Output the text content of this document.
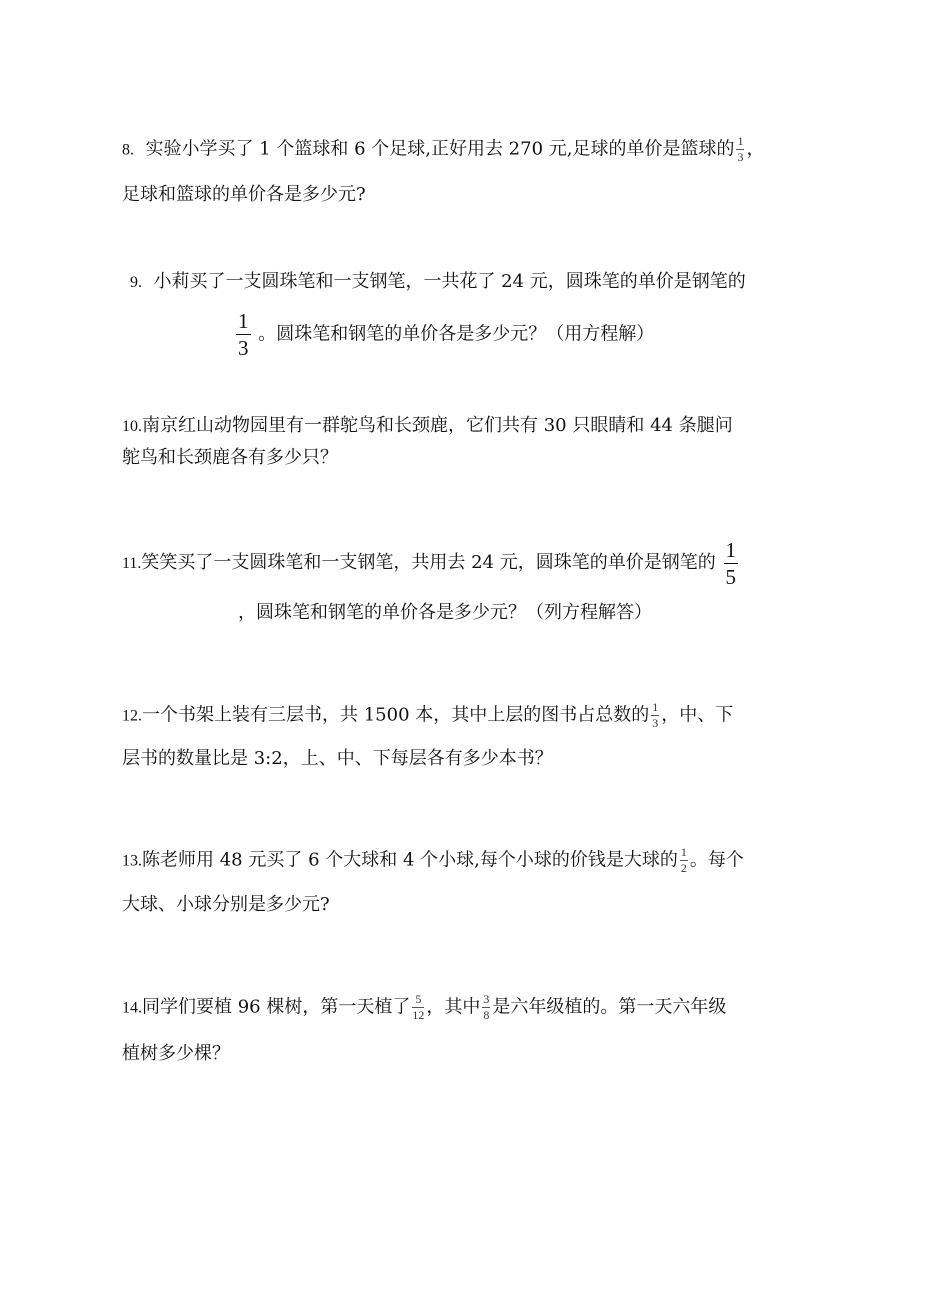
8. 实验小学买了 1 个篮球和 6 个足球,正好用去 270 元,足球的单价是篮球的 $\frac{1}{3}$ ，
足球和篮球的单价各是多少元?
9. 小莉买了一支圆珠笔和一支钢笔，一共花了 24 元，圆珠笔的单价是钢笔的
$\frac{1}{3}$ 。圆珠笔和钢笔的单价各是多少元？（用方程解）
10.南京红山动物园里有一群鸵鸟和长颈鹿，它们共有 30 只眼睛和 44 条腿问
鸵鸟和长颈鹿各有多少只？
11.笑笑买了一支圆珠笔和一支钢笔，共用去 24 元，圆珠笔的单价是钢笔的 $\frac{1}{5}$
，圆珠笔和钢笔的单价各是多少元？（列方程解答）
12.一个书架上装有三层书，共 1500 本，其中上层的图书占总数的 $\frac{1}{3}$ ，中、下
层书的数量比是 3:2，上、中、下每层各有多少本书？
13.陈老师用 48 元买了 6 个大球和 4 个小球,每个小球的价钱是大球的 $\frac{1}{2}$ 。每个
大球、小球分别是多少元?
14.同学们要植 96 棵树，第一天植了 $\frac{5}{12}$ ，其中 $\frac{3}{8}$ 是六年级植的。第一天六年级
植树多少棵？
